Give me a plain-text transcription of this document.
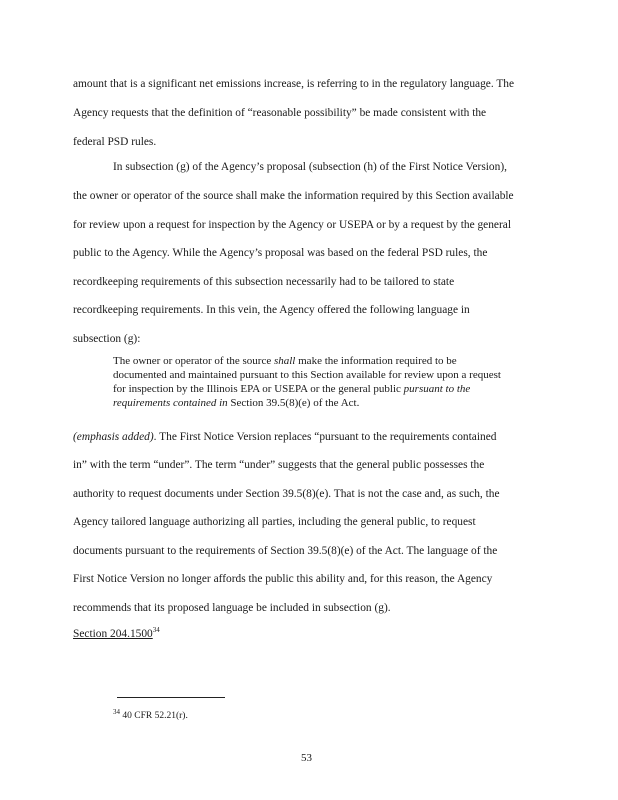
amount that is a significant net emissions increase, is referring to in the regulatory language. The
Agency requests that the definition of “reasonable possibility” be made consistent with the
federal PSD rules.
In subsection (g) of the Agency’s proposal (subsection (h) of the First Notice Version),
the owner or operator of the source shall make the information required by this Section available
for review upon a request for inspection by the Agency or USEPA or by a request by the general
public to the Agency. While the Agency’s proposal was based on the federal PSD rules, the
recordkeeping requirements of this subsection necessarily had to be tailored to state
recordkeeping requirements. In this vein, the Agency offered the following language in
subsection (g):
The owner or operator of the source shall make the information required to be
documented and maintained pursuant to this Section available for review upon a request
for inspection by the Illinois EPA or USEPA or the general public pursuant to the
requirements contained in Section 39.5(8)(e) of the Act.
(emphasis added). The First Notice Version replaces “pursuant to the requirements contained
in” with the term “under”. The term “under” suggests that the general public possesses the
authority to request documents under Section 39.5(8)(e). That is not the case and, as such, the
Agency tailored language authorizing all parties, including the general public, to request
documents pursuant to the requirements of Section 39.5(8)(e) of the Act. The language of the
First Notice Version no longer affords the public this ability and, for this reason, the Agency
recommends that its proposed language be included in subsection (g).
Section 204.1500$^{34}$
$^{34}$ 40 CFR 52.21(r).
53
